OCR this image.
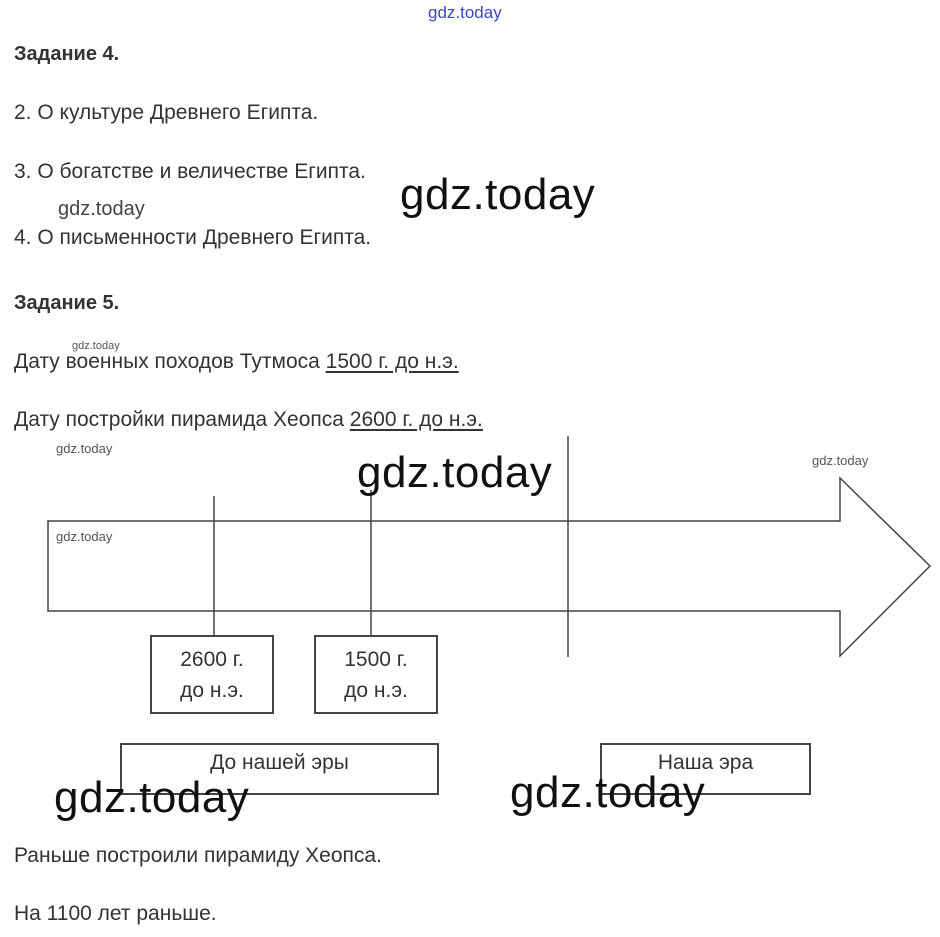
gdz.today
Задание 4.
2. О культуре Древнего Египта.
3. О богатстве и величестве Египта.
gdz.today	gdz.today
4. О письменности Древнего Египта.
Задание 5.
gdz.today
Дату военных походов Тутмоса 1500 г. до н.э.
Дату постройки пирамида Хеопса 2600 г. до н.э.
gdz.today
gdz.today
gdz.today
gdz.today
2600 г.
до н.э.
1500 г.
до н.э.
До нашей эры	Наша эра
gdz.today	gdz.today
Раньше построили пирамиду Хеопса.
На 1100 лет раньше.
